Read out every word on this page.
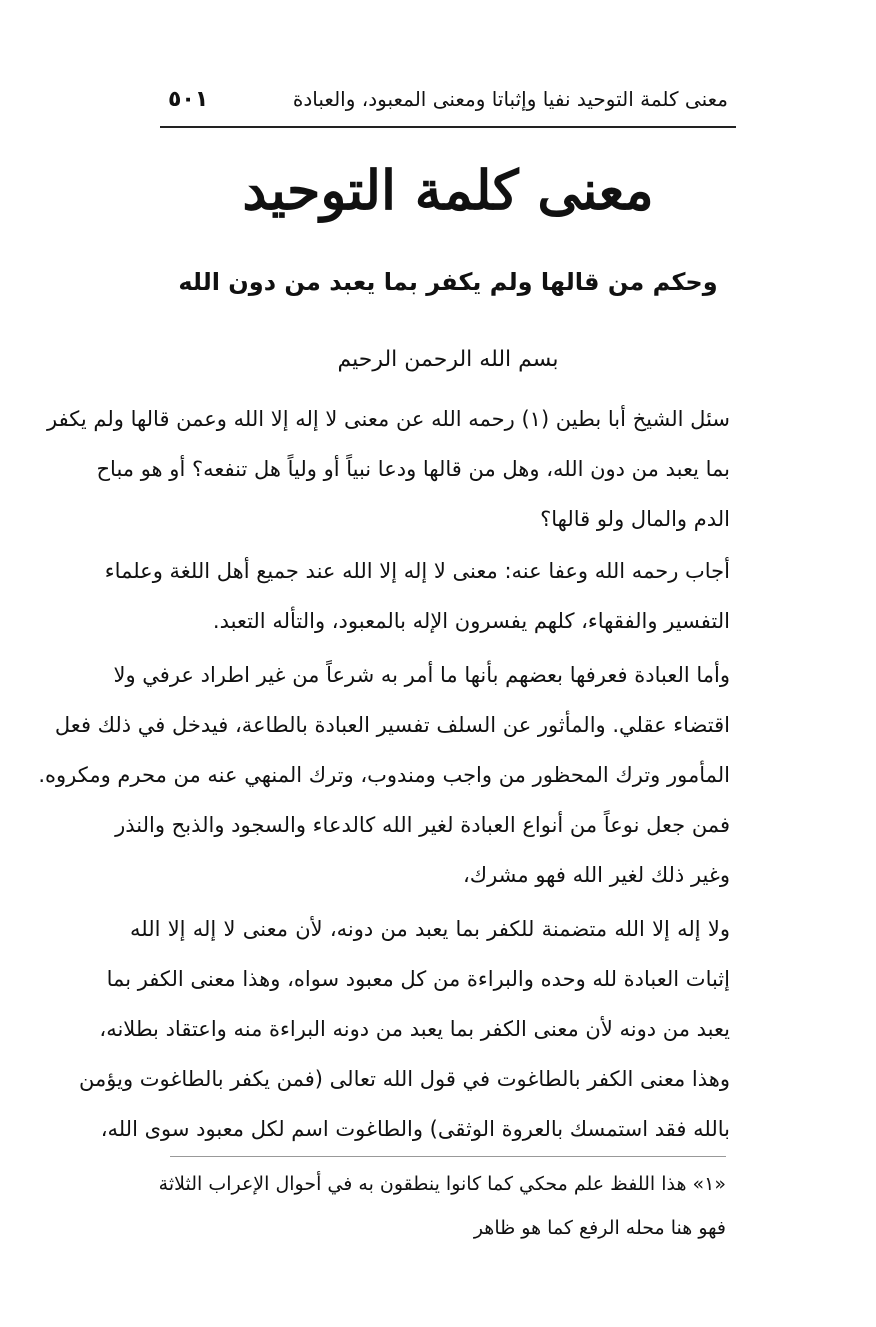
معنى كلمة التوحيد نفيا وإثباتا ومعنى المعبود، والعبادة
٥٠١
معنى كلمة التوحيد
وحكم من قالها ولم يكفر بما يعبد من دون الله
بسم الله الرحمن الرحيم
سئل الشيخ أبا بطين (١) رحمه الله عن معنى لا إله إلا الله وعمن قالها ولم يكفر
بما يعبد من دون الله، وهل من قالها ودعا نبياً أو ولياً هل تنفعه؟ أو هو مباح
الدم والمال ولو قالها؟
أجاب رحمه الله وعفا عنه: معنى لا إله إلا الله عند جميع أهل اللغة وعلماء
التفسير والفقهاء، كلهم يفسرون الإله بالمعبود، والتأله التعبد.
وأما العبادة فعرفها بعضهم بأنها ما أمر به شرعاً من غير اطراد عرفي ولا
اقتضاء عقلي. والمأثور عن السلف تفسير العبادة بالطاعة، فيدخل في ذلك فعل
المأمور وترك المحظور من واجب ومندوب، وترك المنهي عنه من محرم ومكروه.
فمن جعل نوعاً من أنواع العبادة لغير الله كالدعاء والسجود والذبح والنذر
وغير ذلك لغير الله فهو مشرك،
ولا إله إلا الله متضمنة للكفر بما يعبد من دونه، لأن معنى لا إله إلا الله
إثبات العبادة لله وحده والبراءة من كل معبود سواه، وهذا معنى الكفر بما
يعبد من دونه لأن معنى الكفر بما يعبد من دونه البراءة منه واعتقاد بطلانه،
وهذا معنى الكفر بالطاغوت في قول الله تعالى (فمن يكفر بالطاغوت ويؤمن
بالله فقد استمسك بالعروة الوثقى) والطاغوت اسم لكل معبود سوى الله،
«١» هذا اللفظ علم محكي كما كانوا ينطقون به في أحوال الإعراب الثلاثة
فهو هنا محله الرفع كما هو ظاهر
